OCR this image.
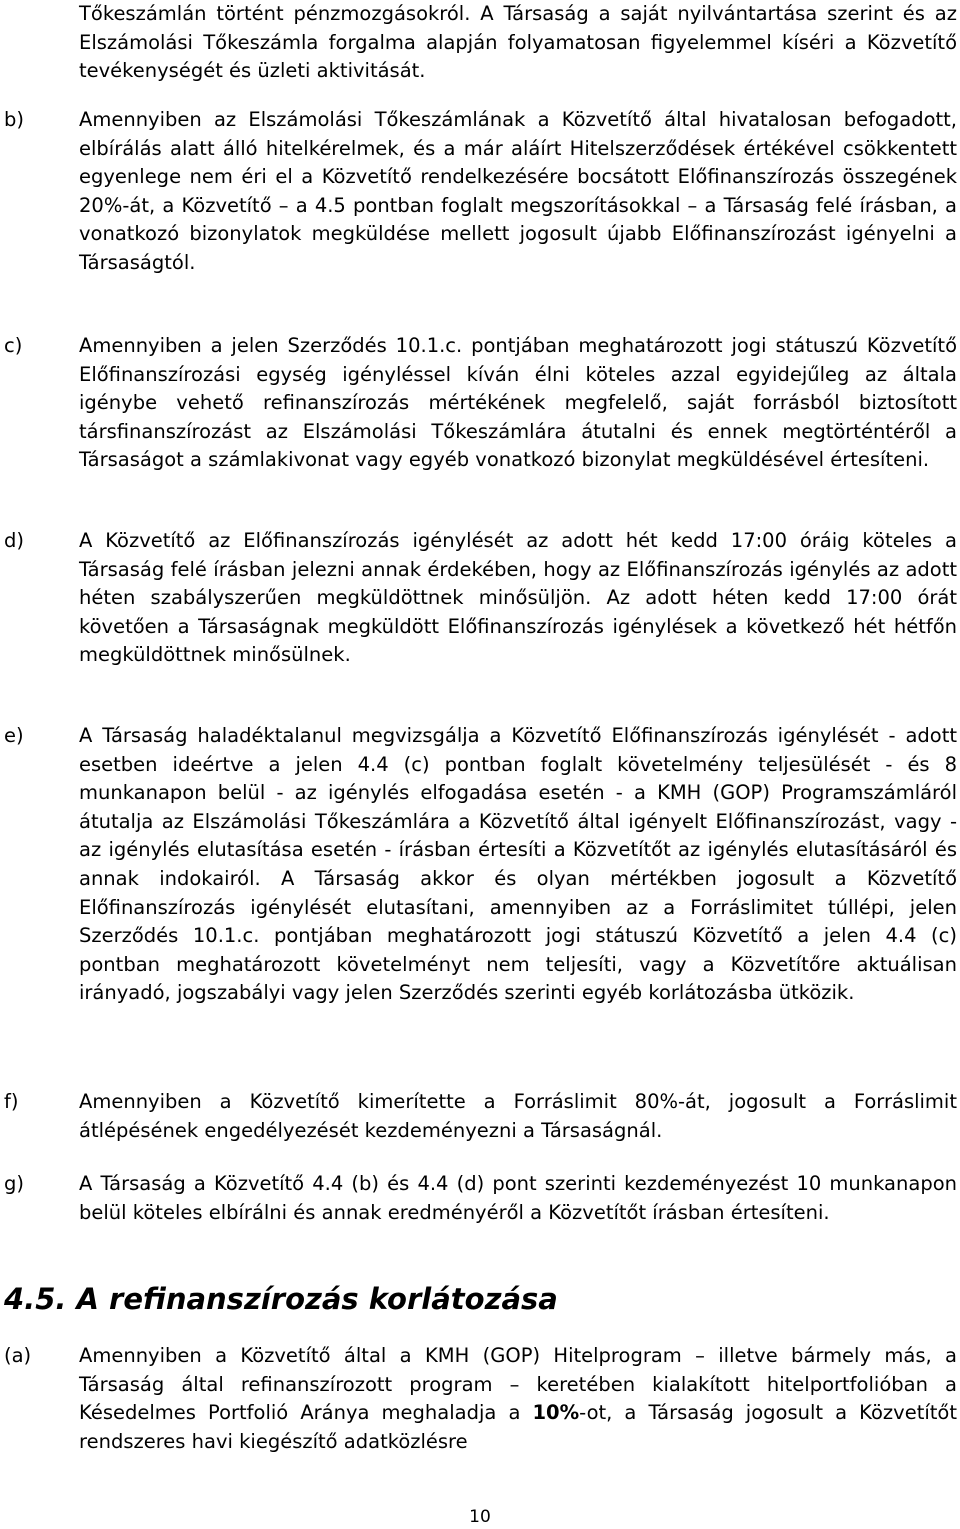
Tőkeszámlán történt pénzmozgásokról. A Társaság a saját nyilvántartása szerint és az Elszámolási Tőkeszámla forgalma alapján folyamatosan figyelemmel kíséri a Közvetítő tevékenységét és üzleti aktivitását.

b)	Amennyiben az Elszámolási Tőkeszámlának a Közvetítő által hivatalosan befogadott, elbírálás alatt álló hitelkérelmek, és a már aláírt Hitelszerződések értékével csökkentett egyenlege nem éri el a Közvetítő rendelkezésére bocsátott Előfinanszírozás összegének 20%-át, a Közvetítő – a 4.5 pontban foglalt megszorításokkal – a Társaság felé írásban, a vonatkozó bizonylatok megküldése mellett jogosult újabb Előfinanszírozást igényelni a Társaságtól.

c)	Amennyiben a jelen Szerződés 10.1.c. pontjában meghatározott jogi státuszú Közvetítő Előfinanszírozási egység igényléssel kíván élni köteles azzal egyidejűleg az általa igénybe vehető refinanszírozás mértékének megfelelő, saját forrásból biztosított társfinanszírozást az Elszámolási Tőkeszámlára átutalni és ennek megtörténtéről a Társaságot a számlakivonat vagy egyéb vonatkozó bizonylat megküldésével értesíteni.

d)	A Közvetítő az Előfinanszírozás igénylését az adott hét kedd 17:00 óráig köteles a Társaság felé írásban jelezni annak érdekében, hogy az Előfinanszírozás igénylés az adott héten szabályszerűen megküldöttnek minősüljön. Az adott héten kedd 17:00 órát követően a Társaságnak megküldött Előfinanszírozás igénylések a következő hét hétfőn megküldöttnek minősülnek.

e)	A Társaság haladéktalanul megvizsgálja a Közvetítő Előfinanszírozás igénylését - adott esetben ideértve a jelen 4.4 (c) pontban foglalt követelmény teljesülését - és 8 munkanapon belül - az igénylés elfogadása esetén - a KMH (GOP) Programszámláról átutalja az Elszámolási Tőkeszámlára a Közvetítő által igényelt Előfinanszírozást, vagy - az igénylés elutasítása esetén - írásban értesíti a Közvetítőt az igénylés elutasításáról és annak indokairól. A Társaság akkor és olyan mértékben jogosult a Közvetítő Előfinanszírozás igénylését elutasítani, amennyiben az a Forráslimitet túllépi, jelen Szerződés 10.1.c. pontjában meghatározott jogi státuszú Közvetítő a jelen 4.4 (c) pontban meghatározott követelményt nem teljesíti, vagy a Közvetítőre aktuálisan irányadó, jogszabályi vagy jelen Szerződés szerinti egyéb korlátozásba ütközik.

f)	Amennyiben a Közvetítő kimerítette a Forráslimit 80%-át, jogosult a Forráslimit átlépésének engedélyezését kezdeményezni a Társaságnál.

g)	A Társaság a Közvetítő 4.4 (b) és 4.4 (d) pont szerinti kezdeményezést 10 munkanapon belül köteles elbírálni és annak eredményéről a Közvetítőt írásban értesíteni.

4.5. A refinanszírozás korlátozása
(a) Amennyiben a Közvetítő által a KMH (GOP) Hitelprogram – illetve bármely más, a Társaság által refinanszírozott program – keretében kialakított hitelportfolióban a Késedelmes Portfolió Aránya meghaladja a 10%-ot, a Társaság jogosult a Közvetítőt rendszeres havi kiegészítő adatközlésre

10
